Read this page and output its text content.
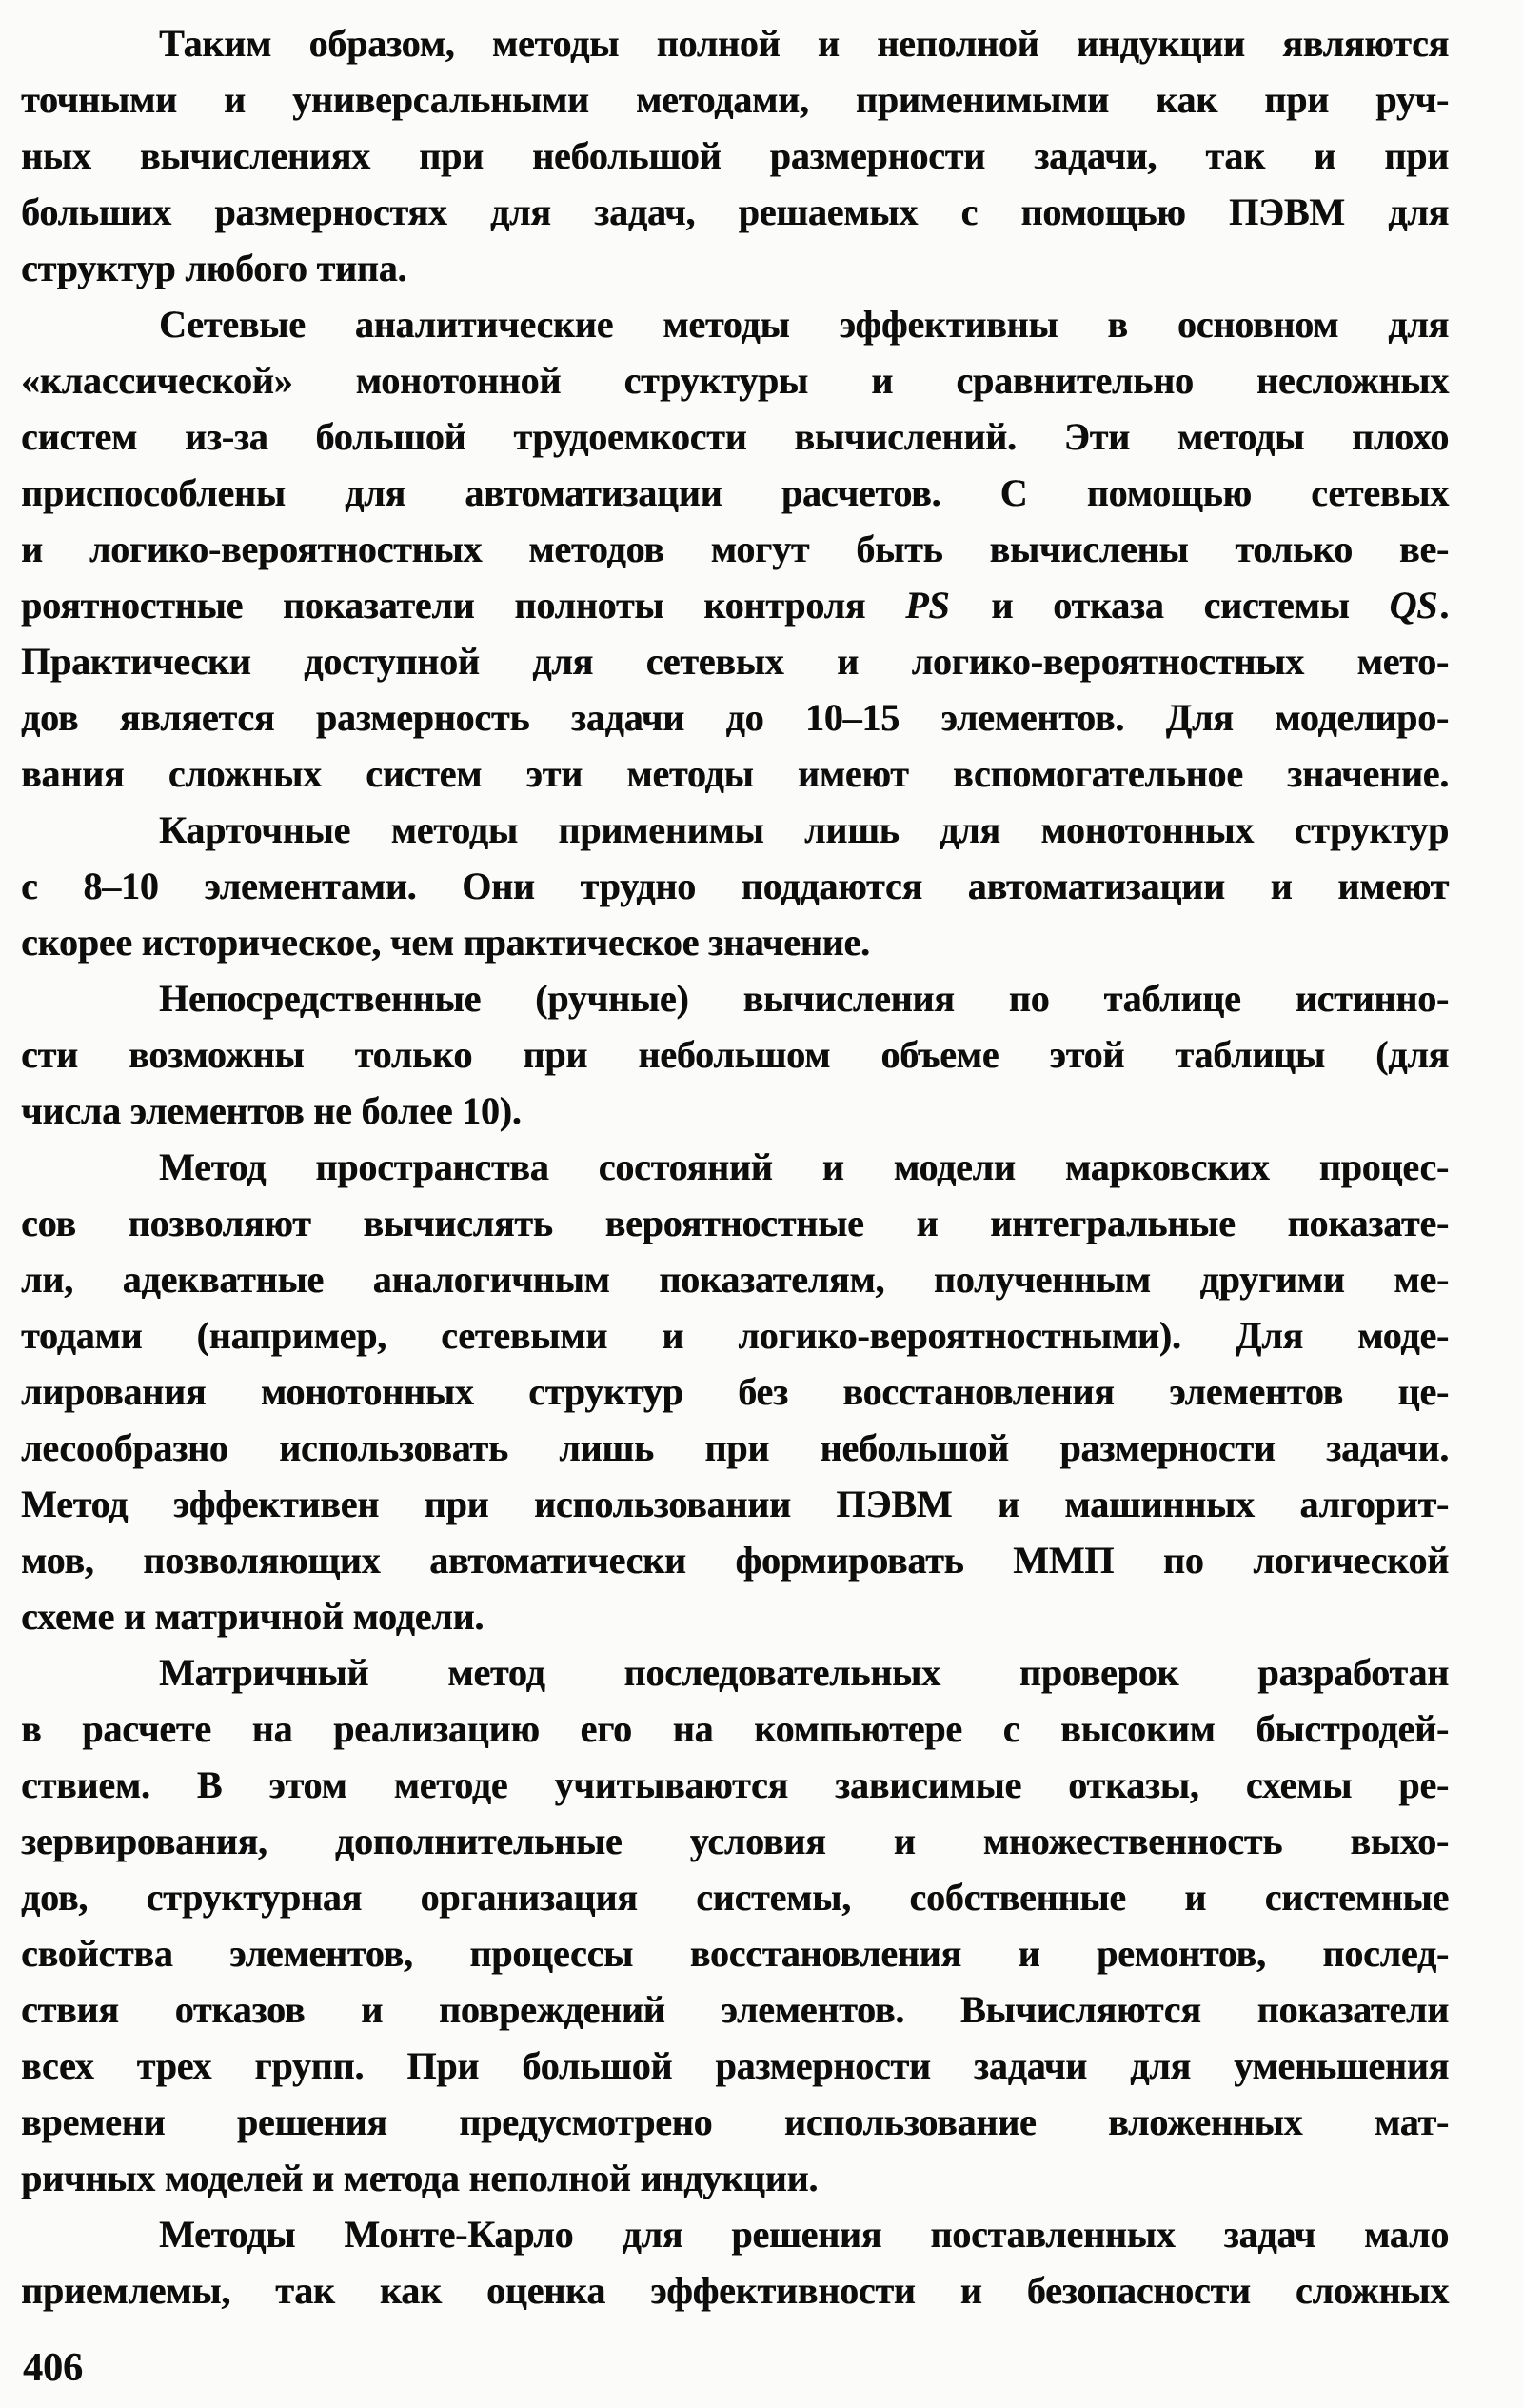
Таким образом, методы полной и неполной индукции являются
точными и универсальными методами, применимыми как при руч-
ных вычислениях при небольшой размерности задачи, так и при
больших размерностях для задач, решаемых с помощью ПЭВМ для
структур любого типа.
Сетевые аналитические методы эффективны в основном для
«классической» монотонной структуры и сравнительно несложных
систем из-за большой трудоемкости вычислений. Эти методы плохо
приспособлены для автоматизации расчетов. С помощью сетевых
и логико-вероятностных методов могут быть вычислены только ве-
роятностные показатели полноты контроля PS и отказа системы QS.
Практически доступной для сетевых и логико-вероятностных мето-
дов является размерность задачи до 10–15 элементов. Для моделиро-
вания сложных систем эти методы имеют вспомогательное значение.
Карточные методы применимы лишь для монотонных структур
с 8–10 элементами. Они трудно поддаются автоматизации и имеют
скорее историческое, чем практическое значение.
Непосредственные (ручные) вычисления по таблице истинно-
сти возможны только при небольшом объеме этой таблицы (для
числа элементов не более 10).
Метод пространства состояний и модели марковских процес-
сов позволяют вычислять вероятностные и интегральные показате-
ли, адекватные аналогичным показателям, полученным другими ме-
тодами (например, сетевыми и логико-вероятностными). Для моде-
лирования монотонных структур без восстановления элементов це-
лесообразно использовать лишь при небольшой размерности задачи.
Метод эффективен при использовании ПЭВМ и машинных алгорит-
мов, позволяющих автоматически формировать ММП по логической
схеме и матричной модели.
Матричный метод последовательных проверок разработан
в расчете на реализацию его на компьютере с высоким быстродей-
ствием. В этом методе учитываются зависимые отказы, схемы ре-
зервирования, дополнительные условия и множественность выхо-
дов, структурная организация системы, собственные и системные
свойства элементов, процессы восстановления и ремонтов, послед-
ствия отказов и повреждений элементов. Вычисляются показатели
всех трех групп. При большой размерности задачи для уменьшения
времени решения предусмотрено использование вложенных мат-
ричных моделей и метода неполной индукции.
Методы Монте-Карло для решения поставленных задач мало
приемлемы, так как оценка эффективности и безопасности сложных
406
